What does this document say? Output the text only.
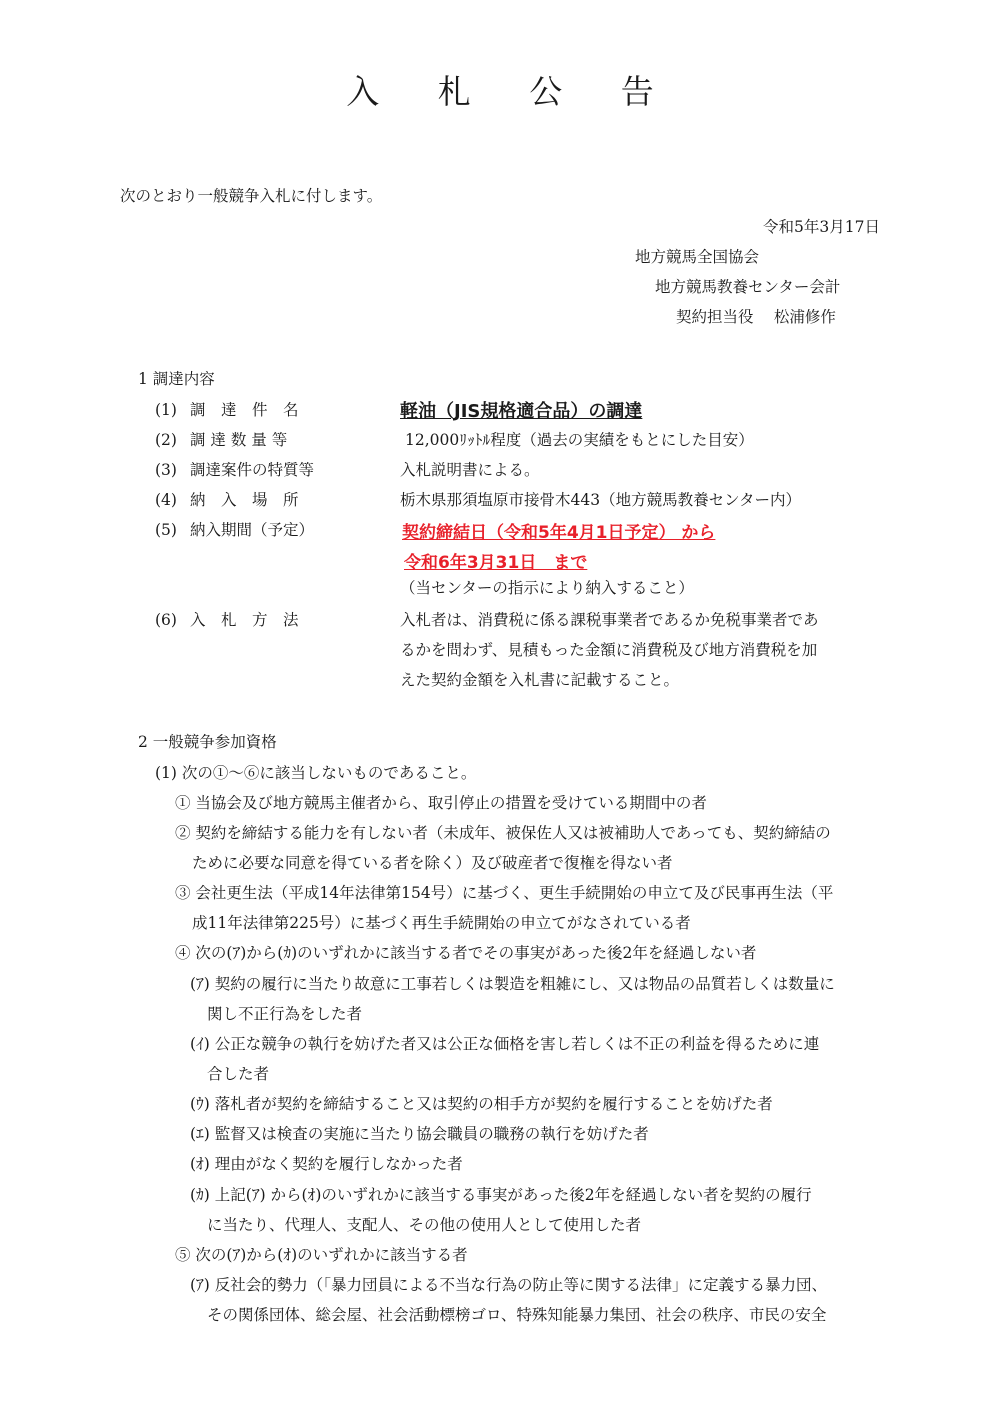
入 札 公 告
次のとおり一般競争入札に付します。
令和5年3月17日
地方競馬全国協会
地方競馬教養センター会計
契約担当役　 松浦修作
1 調達内容
(1) 調　達　件　名	軽油（JIS規格適合品）の調達
(2) 調 達 数 量 等	12,000ﾘｯﾄﾙ程度（過去の実績をもとにした目安）
(3) 調達案件の特質等	入札説明書による。
(4) 納　入　場　所	栃木県那須塩原市接骨木443（地方競馬教養センター内）
(5) 納入期間（予定）	契約締結日（令和5年4月1日予定） から
令和6年3月31日　まで
（当センターの指示により納入すること）
(6) 入　札　方　法	入札者は、消費税に係る課税事業者であるか免税事業者であ
るかを問わず、見積もった金額に消費税及び地方消費税を加
えた契約金額を入札書に記載すること。
2 一般競争参加資格
(1) 次の①～⑥に該当しないものであること。
① 当協会及び地方競馬主催者から、取引停止の措置を受けている期間中の者
② 契約を締結する能力を有しない者（未成年、被保佐人又は被補助人であっても、契約締結の
ために必要な同意を得ている者を除く）及び破産者で復権を得ない者
③ 会社更生法（平成14年法律第154号）に基づく、更生手続開始の申立て及び民事再生法（平
成11年法律第225号）に基づく再生手続開始の申立てがなされている者
④ 次の(ｱ)から(ｶ)のいずれかに該当する者でその事実があった後2年を経過しない者
(ｱ) 契約の履行に当たり故意に工事若しくは製造を粗雑にし、又は物品の品質若しくは数量に
関し不正行為をした者
(ｲ) 公正な競争の執行を妨げた者又は公正な価格を害し若しくは不正の利益を得るために連
合した者
(ｳ) 落札者が契約を締結すること又は契約の相手方が契約を履行することを妨げた者
(ｴ) 監督又は検査の実施に当たり協会職員の職務の執行を妨げた者
(ｵ) 理由がなく契約を履行しなかった者
(ｶ) 上記(ｱ) から(ｵ)のいずれかに該当する事実があった後2年を経過しない者を契約の履行
に当たり、代理人、支配人、その他の使用人として使用した者
⑤ 次の(ｱ)から(ｵ)のいずれかに該当する者
(ｱ) 反社会的勢力（「暴力団員による不当な行為の防止等に関する法律」に定義する暴力団、
その関係団体、総会屋、社会活動標榜ゴロ、特殊知能暴力集団、社会の秩序、市民の安全
